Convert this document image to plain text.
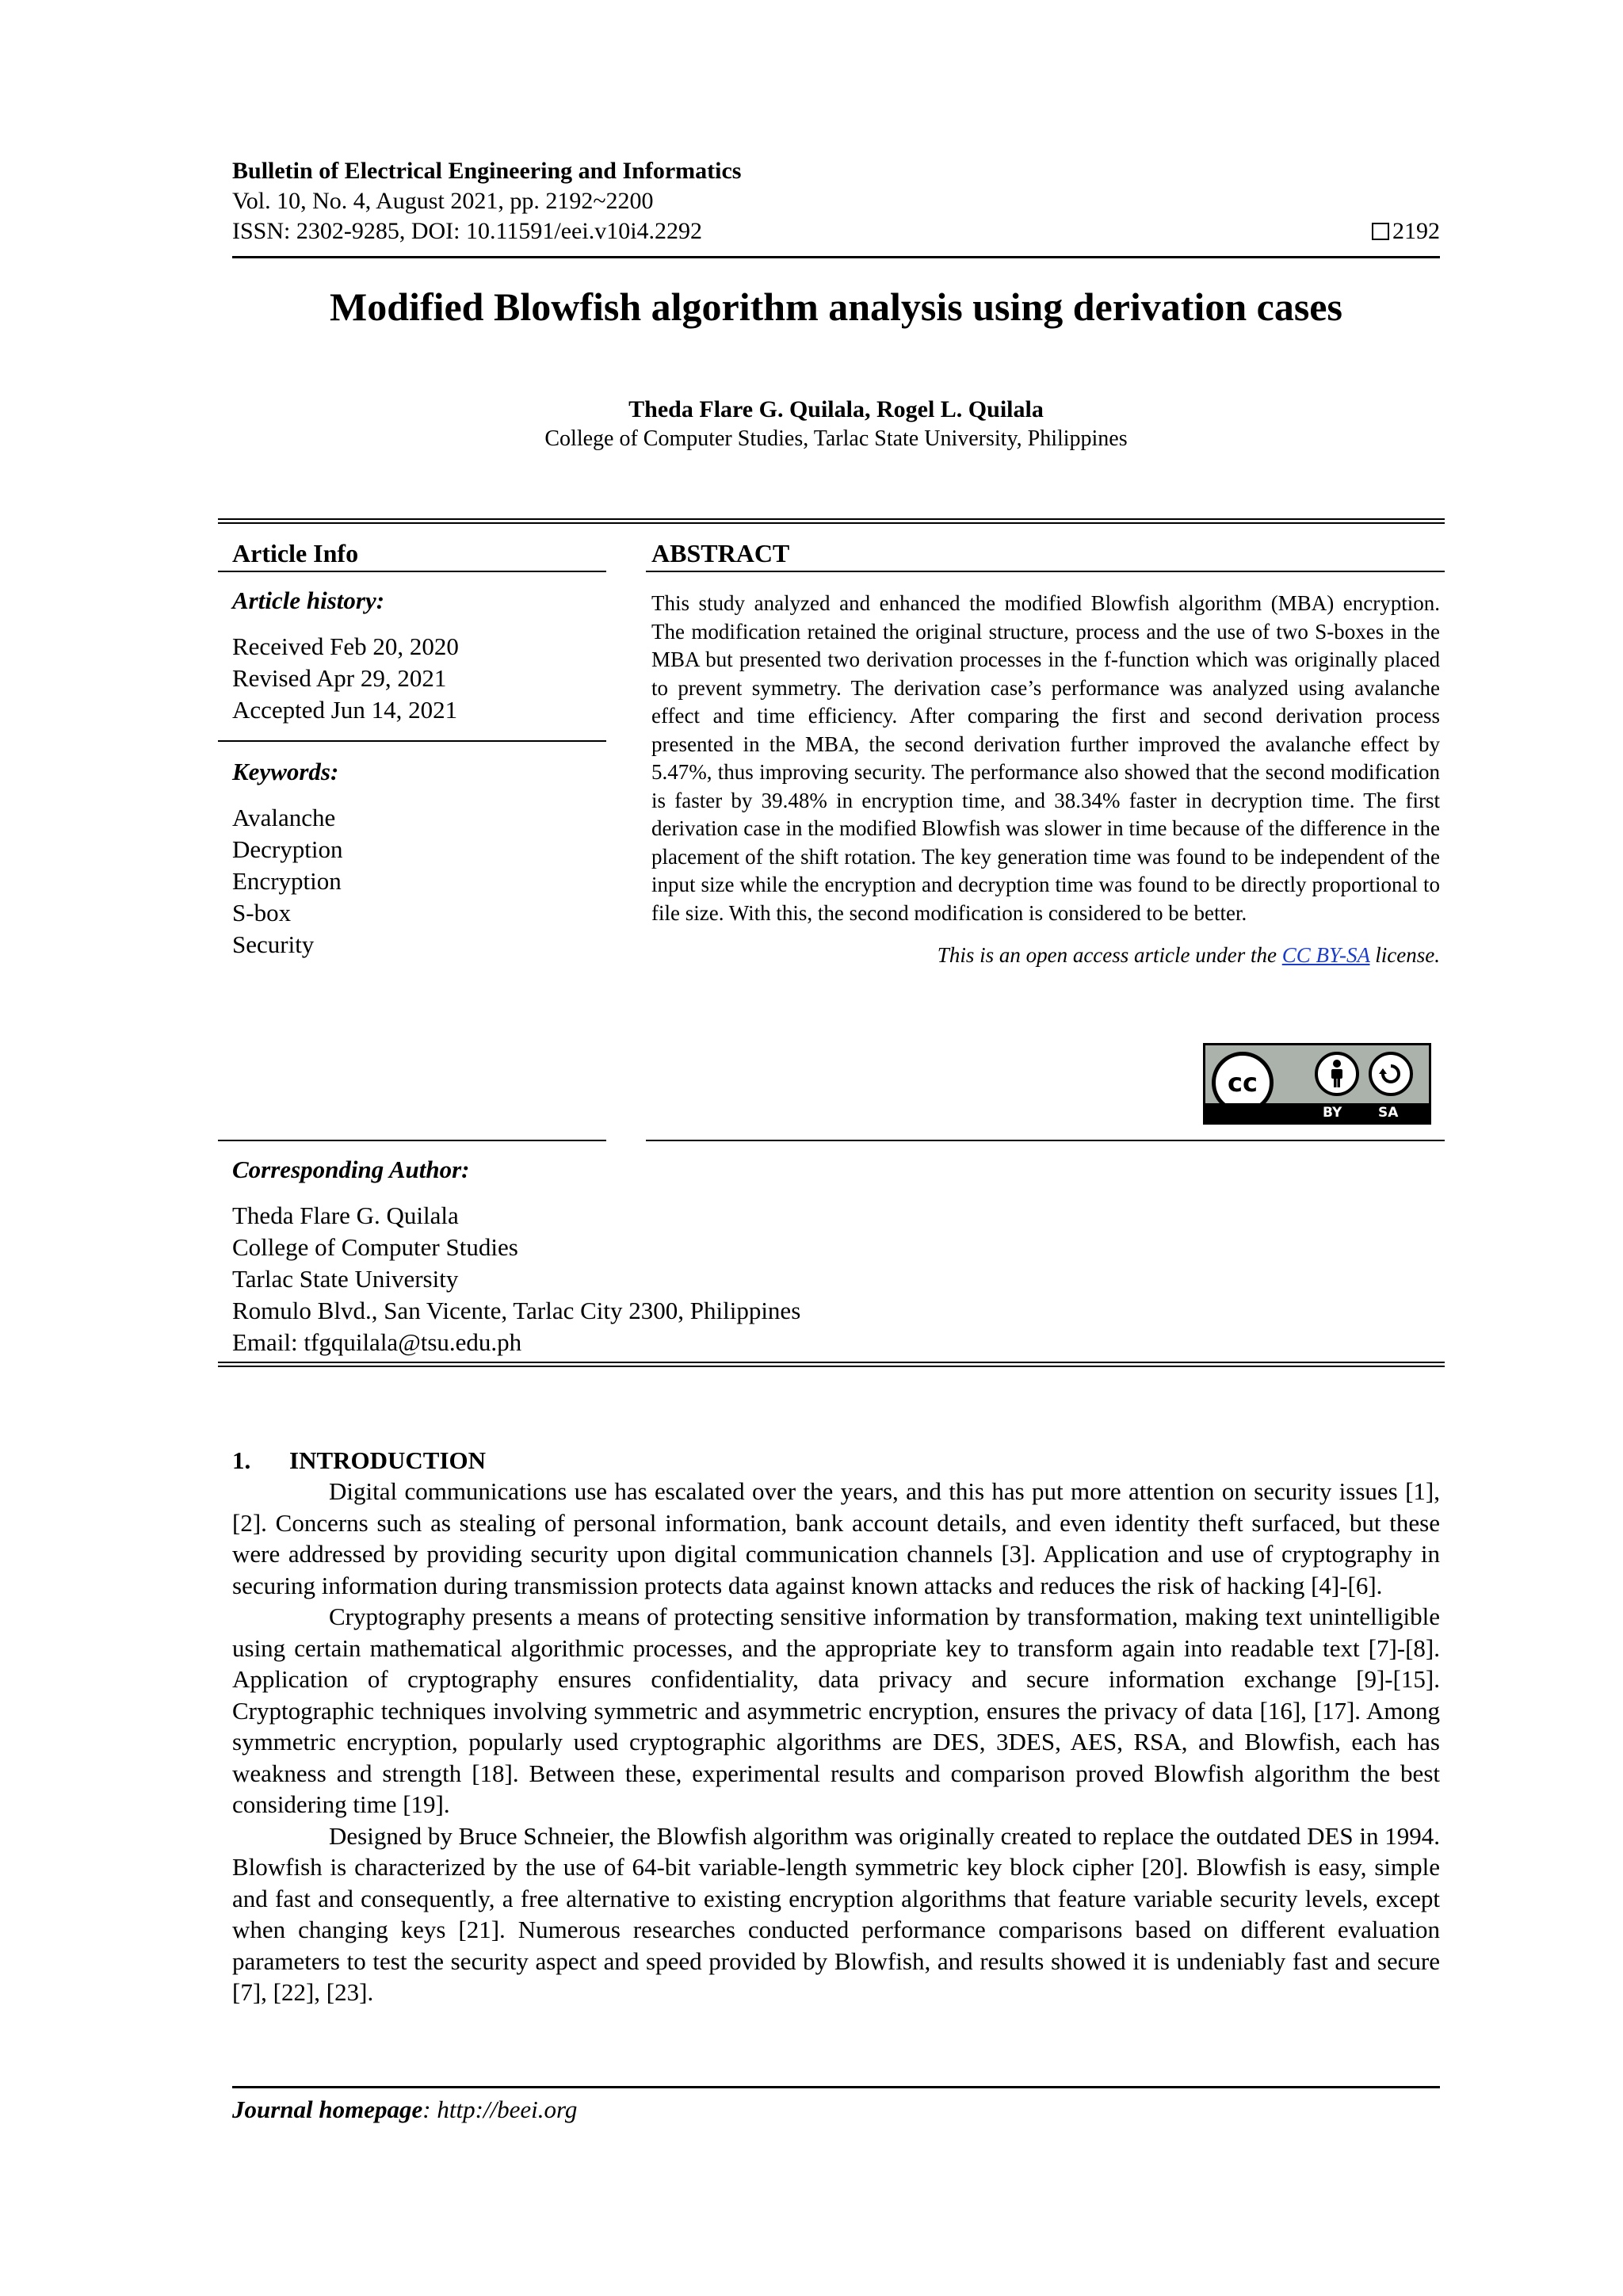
Bulletin of Electrical Engineering and Informatics
Vol. 10, No. 4, August 2021, pp. 2192~2200
ISSN: 2302-9285, DOI: 10.11591/eei.v10i4.2292	2192
Modified Blowfish algorithm analysis using derivation cases
Theda Flare G. Quilala, Rogel L. Quilala
College of Computer Studies, Tarlac State University, Philippines
Article Info
Article history:
Received Feb 20, 2020
Revised Apr 29, 2021
Accepted Jun 14, 2021
Keywords:
Avalanche
Decryption
Encryption
S-box
Security
ABSTRACT
This study analyzed and enhanced the modified Blowfish algorithm (MBA) encryption. The modification retained the original structure, process and the use of two S-boxes in the MBA but presented two derivation processes in the f-function which was originally placed to prevent symmetry. The derivation case’s performance was analyzed using avalanche effect and time efficiency. After comparing the first and second derivation process presented in the MBA, the second derivation further improved the avalanche effect by 5.47%, thus improving security. The performance also showed that the second modification is faster by 39.48% in encryption time, and 38.34% faster in decryption time. The first derivation case in the modified Blowfish was slower in time because of the difference in the placement of the shift rotation. The key generation time was found to be independent of the input size while the encryption and decryption time was found to be directly proportional to file size. With this, the second modification is considered to be better.
This is an open access article under the CC BY-SA license.
cc
BY	SA
Corresponding Author:
Theda Flare G. Quilala
College of Computer Studies
Tarlac State University
Romulo Blvd., San Vicente, Tarlac City 2300, Philippines
Email: tfgquilala@tsu.edu.ph
1. INTRODUCTION

Digital communications use has escalated over the years, and this has put more attention on security issues [1], [2]. Concerns such as stealing of personal information, bank account details, and even identity theft surfaced, but these were addressed by providing security upon digital communication channels [3]. Application and use of cryptography in securing information during transmission protects data against known attacks and reduces the risk of hacking [4]-[6].

Cryptography presents a means of protecting sensitive information by transformation, making text unintelligible using certain mathematical algorithmic processes, and the appropriate key to transform again into readable text [7]-[8]. Application of cryptography ensures confidentiality, data privacy and secure information exchange [9]-[15]. Cryptographic techniques involving symmetric and asymmetric encryption, ensures the privacy of data [16], [17]. Among symmetric encryption, popularly used cryptographic algorithms are DES, 3DES, AES, RSA, and Blowfish, each has weakness and strength [18]. Between these, experimental results and comparison proved Blowfish algorithm the best considering time [19].

Designed by Bruce Schneier, the Blowfish algorithm was originally created to replace the outdated DES in 1994. Blowfish is characterized by the use of 64-bit variable-length symmetric key block cipher [20]. Blowfish is easy, simple and fast and consequently, a free alternative to existing encryption algorithms that feature variable security levels, except when changing keys [21]. Numerous researches conducted performance comparisons based on different evaluation parameters to test the security aspect and speed provided by Blowfish, and results showed it is undeniably fast and secure [7], [22], [23].

Journal homepage: http://beei.org
